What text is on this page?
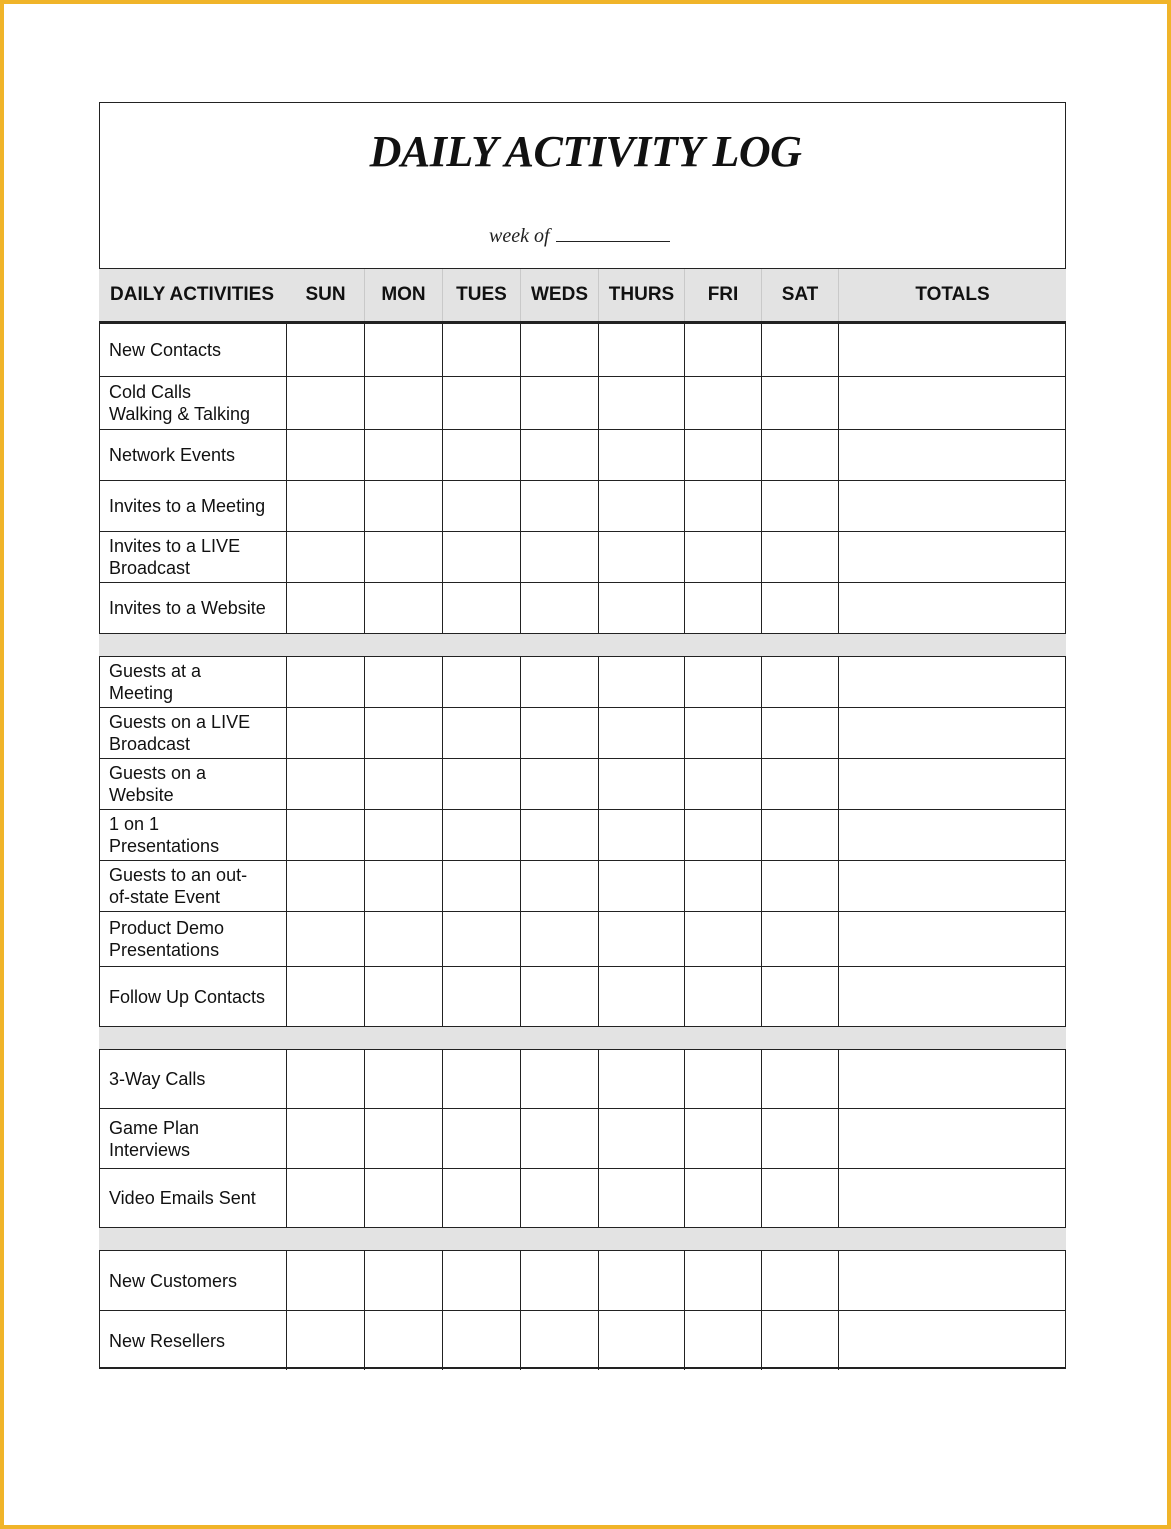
DAILY ACTIVITY LOG
week of
DAILY ACTIVITIES SUN MON TUES WEDS THURS FRI SAT	TOTALS
New Contacts
Cold Calls
Walking & Talking
Network Events
Invites to a Meeting
Invites to a LIVE
Broadcast
Invites to a Website
Guests at a
Meeting
Guests on a LIVE
Broadcast
Guests on a
Website
1 on 1
Presentations
Guests to an out-
of-state Event
Product Demo
Presentations
Follow Up Contacts
3-Way Calls
Game Plan
Interviews
Video Emails Sent
New Customers
New Resellers
